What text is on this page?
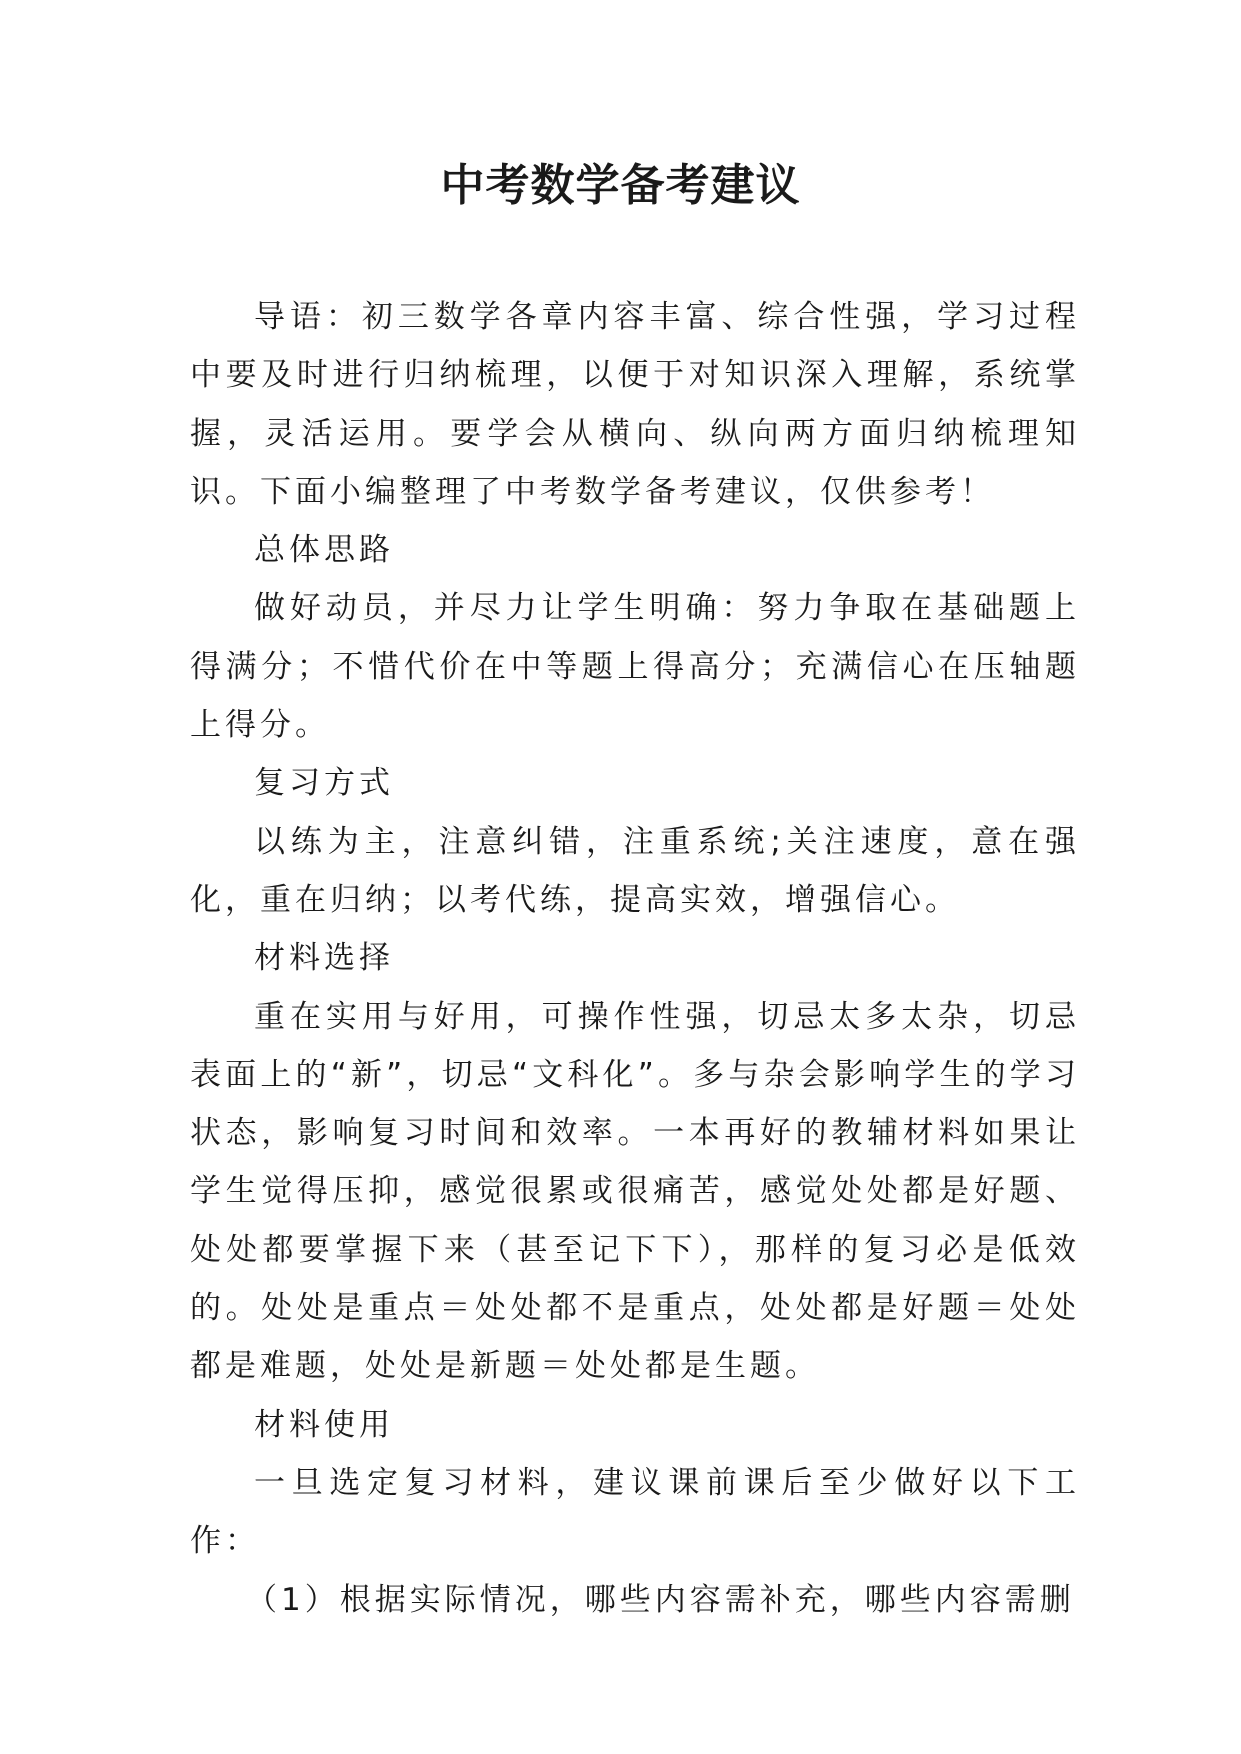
中考数学备考建议

导语：初三数学各章内容丰富、综合性强，学习过程中要及时进行归纳梳理，以便于对知识深入理解，系统掌握，灵活运用。要学会从横向、纵向两方面归纳梳理知识。下面小编整理了中考数学备考建议，仅供参考！

总体思路

做好动员，并尽力让学生明确：努力争取在基础题上得满分；不惜代价在中等题上得高分；充满信心在压轴题上得分。

复习方式

以练为主，注意纠错，注重系统;关注速度，意在强化，重在归纳；以考代练，提高实效，增强信心。

材料选择

重在实用与好用，可操作性强，切忌太多太杂，切忌表面上的“新”，切忌“文科化”。多与杂会影响学生的学习状态，影响复习时间和效率。一本再好的教辅材料如果让学生觉得压抑，感觉很累或很痛苦，感觉处处都是好题、处处都要掌握下来（甚至记下下），那样的复习必是低效的。处处是重点＝处处都不是重点，处处都是好题＝处处都是难题，处处是新题＝处处都是生题。

材料使用

一旦选定复习材料，建议课前课后至少做好以下工作：

（1）根据实际情况，哪些内容需补充，哪些内容需删
